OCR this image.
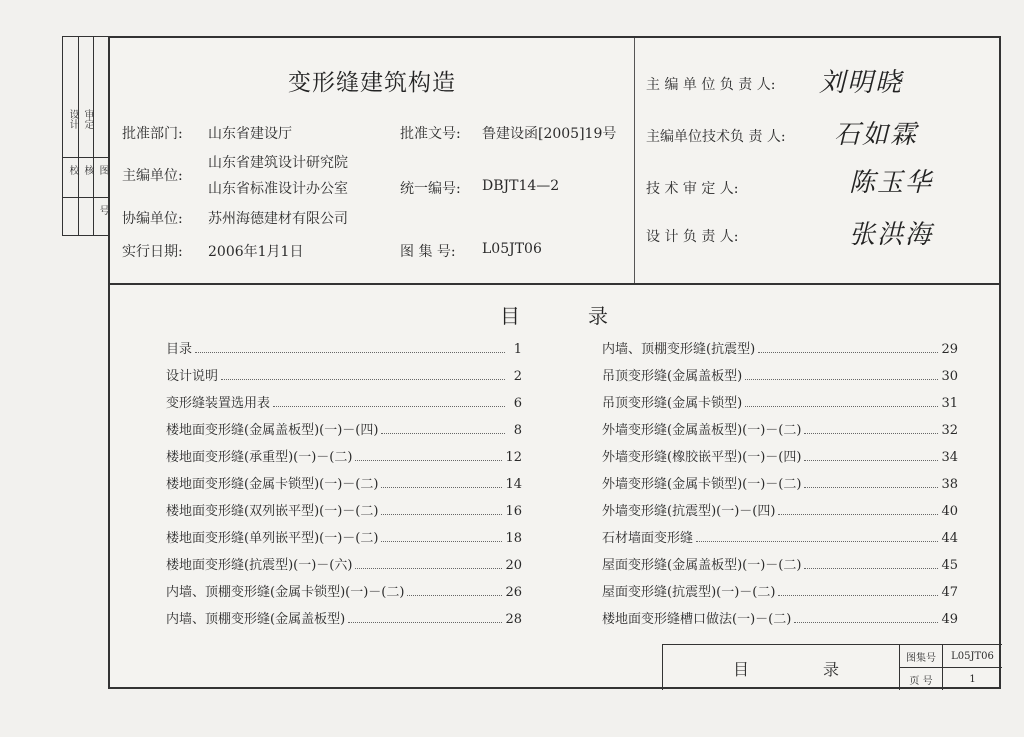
设计 审定
校 核 图
号
变形缝建筑构造
批准部门: 山东省建设厅	批准文号: 鲁建设函[2005]19号
主编单位:
山东省建筑设计研究院
山东省标准设计办公室	统一编号: DBJT14—2
协编单位: 苏州海德建材有限公司
实行日期: 2006年1月1日	图 集 号: L05JT06
主 编 单 位 负 责 人: 刘明晓
主编单位技术负 责 人: 石如霖
技 术 审 定 人:	陈玉华
设 计 负 责 人:	张洪海
目	录
目录	1
设计说明	2
变形缝装置选用表	6
楼地面变形缝(金属盖板型)(一)－(四)	8
楼地面变形缝(承重型)(一)－(二)	12
楼地面变形缝(金属卡锁型)(一)－(二)	14
楼地面变形缝(双列嵌平型)(一)－(二)	16
楼地面变形缝(单列嵌平型)(一)－(二)	18
楼地面变形缝(抗震型)(一)－(六)	20
内墙、顶棚变形缝(金属卡锁型)(一)－(二)	26
内墙、顶棚变形缝(金属盖板型)	28
内墙、顶棚变形缝(抗震型)	29
吊顶变形缝(金属盖板型)	30
吊顶变形缝(金属卡锁型)	31
外墙变形缝(金属盖板型)(一)－(二)	32
外墙变形缝(橡胶嵌平型)(一)－(四)	34
外墙变形缝(金属卡锁型)(一)－(二)	38
外墙变形缝(抗震型)(一)－(四)	40
石材墙面变形缝	44
屋面变形缝(金属盖板型)(一)－(二)	45
屋面变形缝(抗震型)(一)－(二)	47
楼地面变形缝槽口做法(一)－(二)	49
目	录
图集号	L05JT06
页 号	1
